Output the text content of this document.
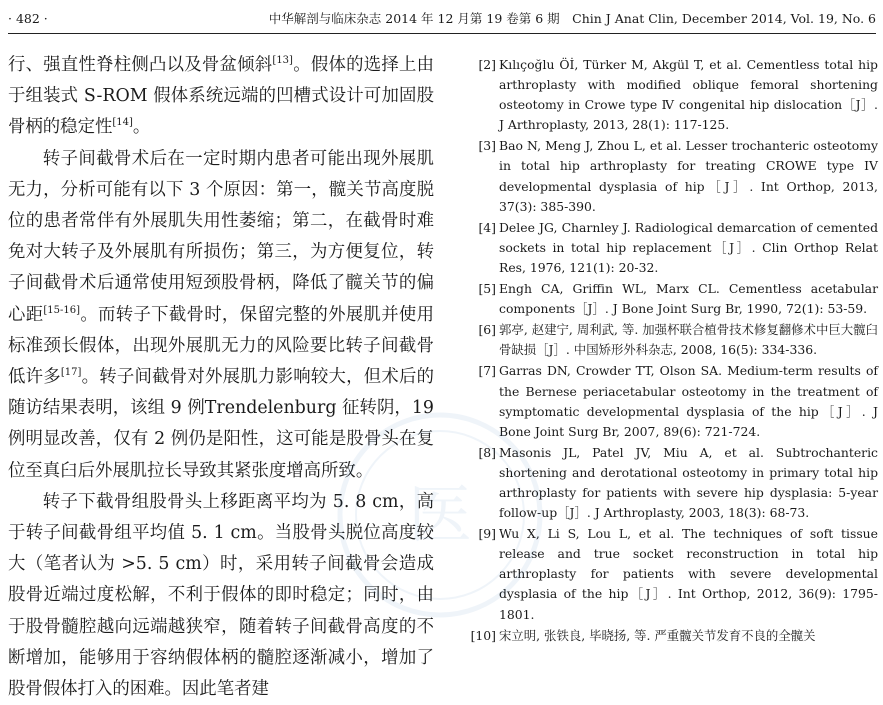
· 482 ·	中华解剖与临床杂志 2014 年 12 月第 19 卷第 6 期　Chin J Anat Clin, December 2014, Vol. 19, No. 6

行、强直性脊柱侧凸以及骨盆倾斜[13]。假体的选择上由于组装式 S-ROM 假体系统远端的凹槽式设计可加固股骨柄的稳定性[14]。

转子间截骨术后在一定时期内患者可能出现外展肌无力，分析可能有以下 3 个原因：第一，髋关节高度脱位的患者常伴有外展肌失用性萎缩；第二，在截骨时难免对大转子及外展肌有所损伤；第三，为方便复位，转子间截骨术后通常使用短颈股骨柄，降低了髋关节的偏心距[15-16]。而转子下截骨时，保留完整的外展肌并使用标准颈长假体，出现外展肌无力的风险要比转子间截骨低许多[17]。转子间截骨对外展肌力影响较大，但术后的随访结果表明，该组 9 例Trendelenburg 征转阴，19 例明显改善，仅有 2 例仍是阳性，这可能是股骨头在复位至真臼后外展肌拉长导致其紧张度增高所致。

转子下截骨组股骨头上移距离平均为 5. 8 cm，高于转子间截骨组平均值 5. 1 cm。当股骨头脱位高度较大（笔者认为 >5. 5 cm）时，采用转子间截骨会造成股骨近端过度松解，不利于假体的即时稳定；同时，由于股骨髓腔越向远端越狭窄，随着转子间截骨高度的不断增加，能够用于容纳假体柄的髓腔逐渐减小，增加了股骨假体打入的困难。因此笔者建

[2] Kılıçoğlu Öİ, Türker M, Akgül T, et al. Cementless total hip arthroplasty with modified oblique femoral shortening osteotomy in Crowe type Ⅳ congenital hip dislocation［J］. J Arthroplasty, 2013, 28(1): 117-125.
[3] Bao N, Meng J, Zhou L, et al. Lesser trochanteric osteotomy in total hip arthroplasty for treating CROWE type IV developmental dysplasia of hip［J］. Int Orthop, 2013, 37(3): 385-390.
[4] Delee JG, Charnley J. Radiological demarcation of cemented sockets in total hip replacement［J］. Clin Orthop Relat Res, 1976, 121(1): 20-32.
[5] Engh CA, Griffin WL, Marx CL. Cementless acetabular components［J］. J Bone Joint Surg Br, 1990, 72(1): 53-59.
[6] 郭亭, 赵建宁, 周利武, 等. 加强杯联合植骨技术修复翻修术中巨大髋臼骨缺损［J］. 中国矫形外科杂志, 2008, 16(5): 334-336.
[7] Garras DN, Crowder TT, Olson SA. Medium-term results of the Bernese periacetabular osteotomy in the treatment of symptomatic developmental dysplasia of the hip［J］. J Bone Joint Surg Br, 2007, 89(6): 721-724.
[8] Masonis JL, Patel JV, Miu A, et al. Subtrochanteric shortening and derotational osteotomy in primary total hip arthroplasty for patients with severe hip dysplasia: 5-year follow-up［J］. J Arthroplasty, 2003, 18(3): 68-73.
[9] Wu X, Li S, Lou L, et al. The techniques of soft tissue release and true socket reconstruction in total hip arthroplasty for patients with severe developmental dysplasia of the hip［J］. Int Orthop, 2012, 36(9): 1795-1801.
[10] 宋立明, 张铁良, 毕晓扬, 等. 严重髋关节发育不良的全髋关
医
